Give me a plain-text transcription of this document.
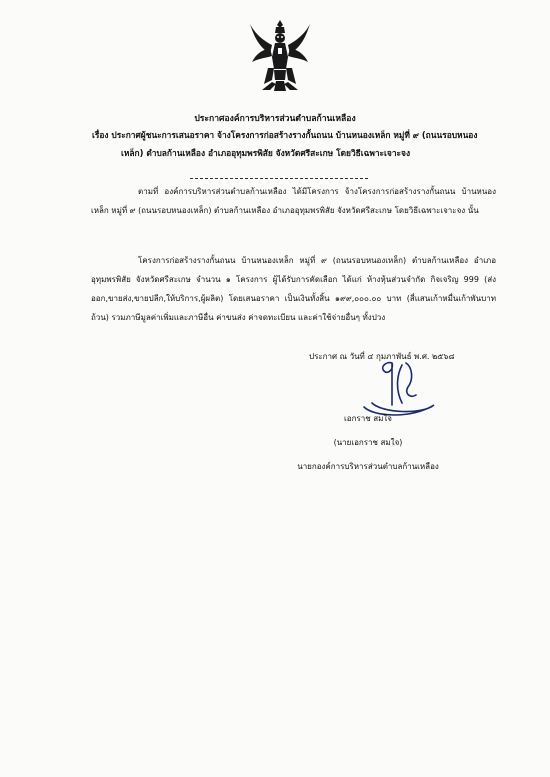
ประกาศองค์การบริหารส่วนตำบลก้านเหลือง
เรื่อง ประกาศผู้ชนะการเสนอราคา จ้างโครงการก่อสร้างรางกั้นถนน บ้านหนองเหล็ก หมู่ที่ ๙ (ถนนรอบหนอง
เหล็ก) ตำบลก้านเหลือง อำเภออุทุมพรพิสัย จังหวัดศรีสะเกษ โดยวิธีเฉพาะเจาะจง
ตามที่ องค์การบริหารส่วนตำบลก้านเหลือง ได้มีโครงการ จ้างโครงการก่อสร้างรางกั้นถนน บ้านหนองเหล็ก หมู่ที่ ๙ (ถนนรอบหนองเหล็ก) ตำบลก้านเหลือง อำเภออุทุมพรพิสัย จังหวัดศรีสะเกษ โดยวิธีเฉพาะเจาะจง นั้น
โครงการก่อสร้างรางกั้นถนน บ้านหนองเหล็ก หมู่ที่ ๙ (ถนนรอบหนองเหล็ก) ตำบลก้านเหลือง อำเภออุทุมพรพิสัย จังหวัดศรีสะเกษ จำนวน ๑ โครงการ ผู้ได้รับการคัดเลือก ได้แก่ ห้างหุ้นส่วนจำกัด กิจเจริญ 999 (ส่งออก,ขายส่ง,ขายปลีก,ให้บริการ,ผู้ผลิต) โดยเสนอราคา เป็นเงินทั้งสิ้น ๑๙๙,๐๐๐.๐๐ บาท (สี่แสนเก้าหมื่นเก้าพันบาทถ้วน) รวมภาษีมูลค่าเพิ่มและภาษีอื่น ค่าขนส่ง ค่าจดทะเบียน และค่าใช้จ่ายอื่นๆ ทั้งปวง
ประกาศ ณ วันที่ ๔ กุมภาพันธ์ พ.ศ. ๒๕๖๘
เอกราช สมใจ
(นายเอกราช สมใจ)
นายกองค์การบริหารส่วนตำบลก้านเหลือง
